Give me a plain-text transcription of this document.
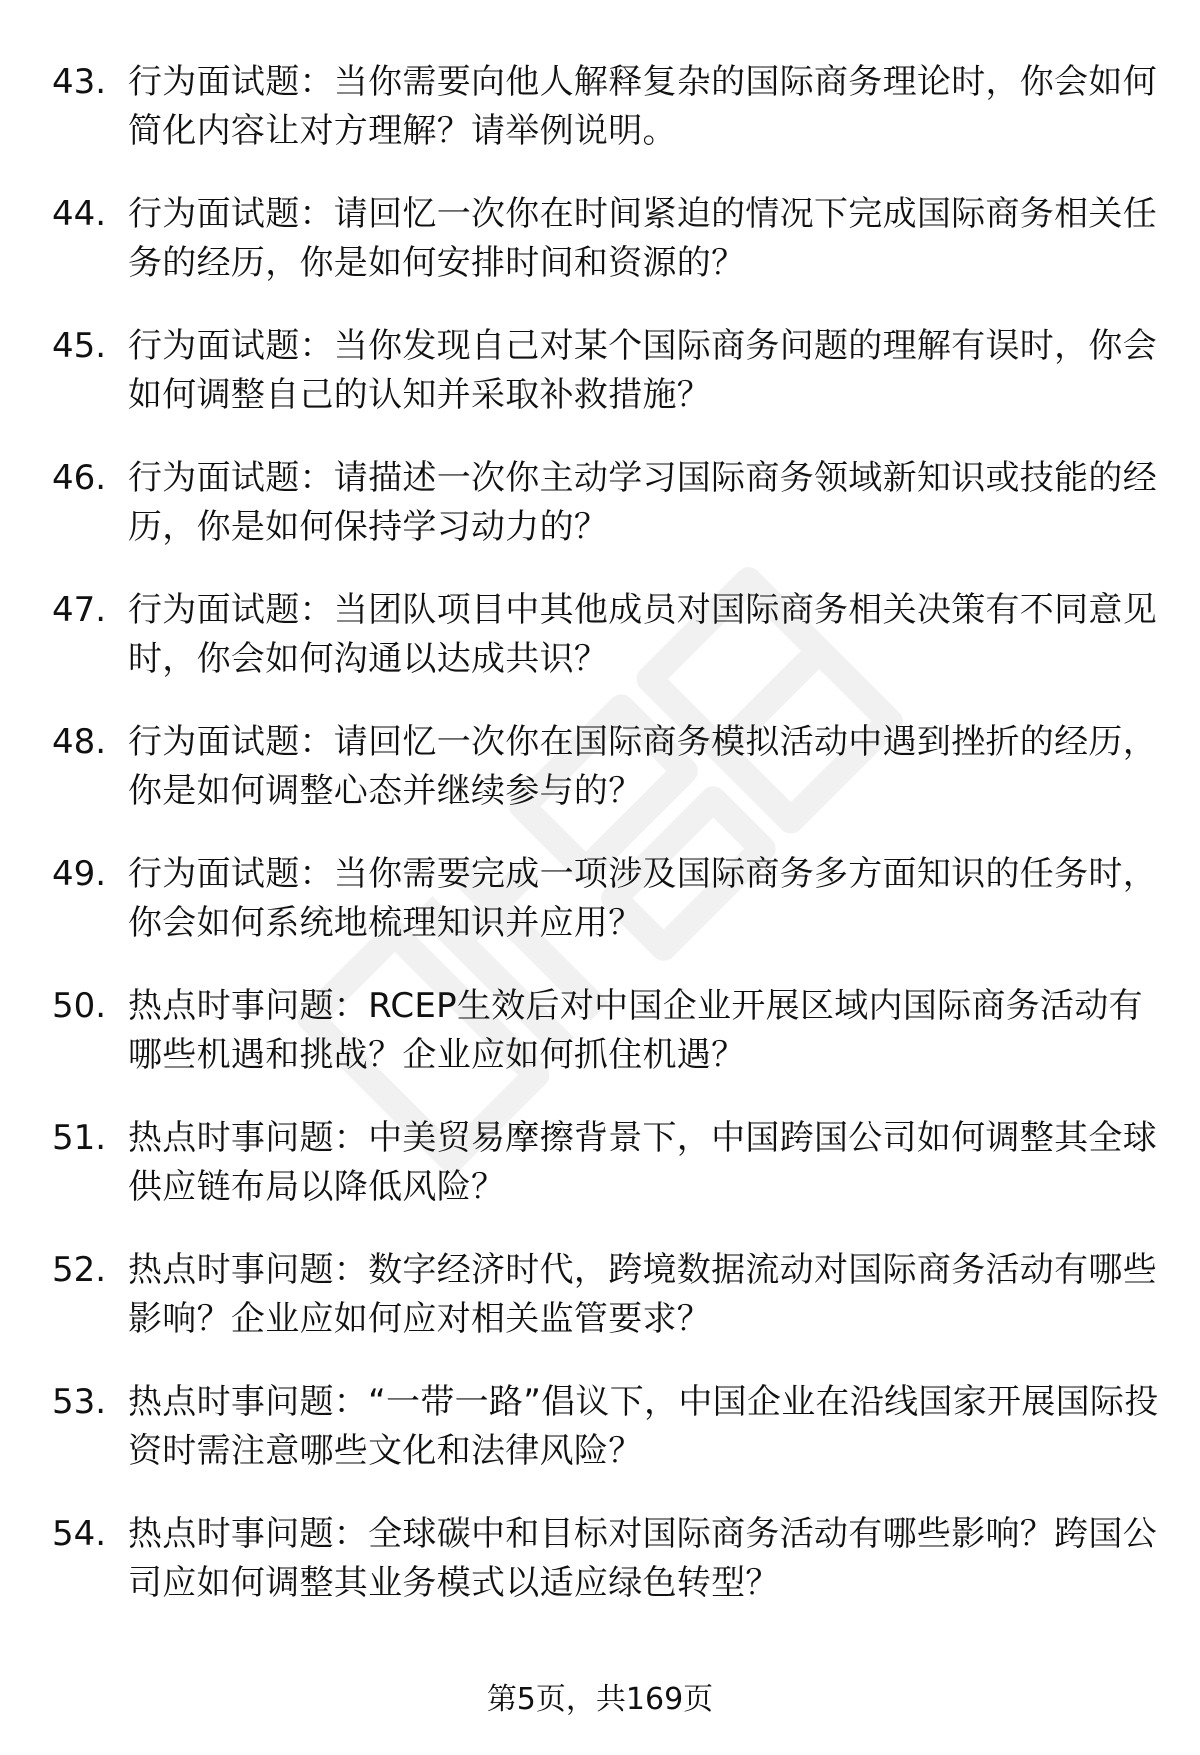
43. 行为面试题：当你需要向他人解释复杂的国际商务理论时，你会如何简化内容让对方理解？请举例说明。
44. 行为面试题：请回忆一次你在时间紧迫的情况下完成国际商务相关任务的经历，你是如何安排时间和资源的？
45. 行为面试题：当你发现自己对某个国际商务问题的理解有误时，你会如何调整自己的认知并采取补救措施？
46. 行为面试题：请描述一次你主动学习国际商务领域新知识或技能的经历，你是如何保持学习动力的？
47. 行为面试题：当团队项目中其他成员对国际商务相关决策有不同意见时，你会如何沟通以达成共识？
48. 行为面试题：请回忆一次你在国际商务模拟活动中遇到挫折的经历，你是如何调整心态并继续参与的？
49. 行为面试题：当你需要完成一项涉及国际商务多方面知识的任务时，你会如何系统地梳理知识并应用？
50. 热点时事问题：RCEP生效后对中国企业开展区域内国际商务活动有哪些机遇和挑战？企业应如何抓住机遇？
51. 热点时事问题：中美贸易摩擦背景下，中国跨国公司如何调整其全球供应链布局以降低风险？
52. 热点时事问题：数字经济时代，跨境数据流动对国际商务活动有哪些影响？企业应如何应对相关监管要求？
53. 热点时事问题：“一带一路”倡议下，中国企业在沿线国家开展国际投资时需注意哪些文化和法律风险？
54. 热点时事问题：全球碳中和目标对国际商务活动有哪些影响？跨国公司应如何调整其业务模式以适应绿色转型？
第5页，共169页
